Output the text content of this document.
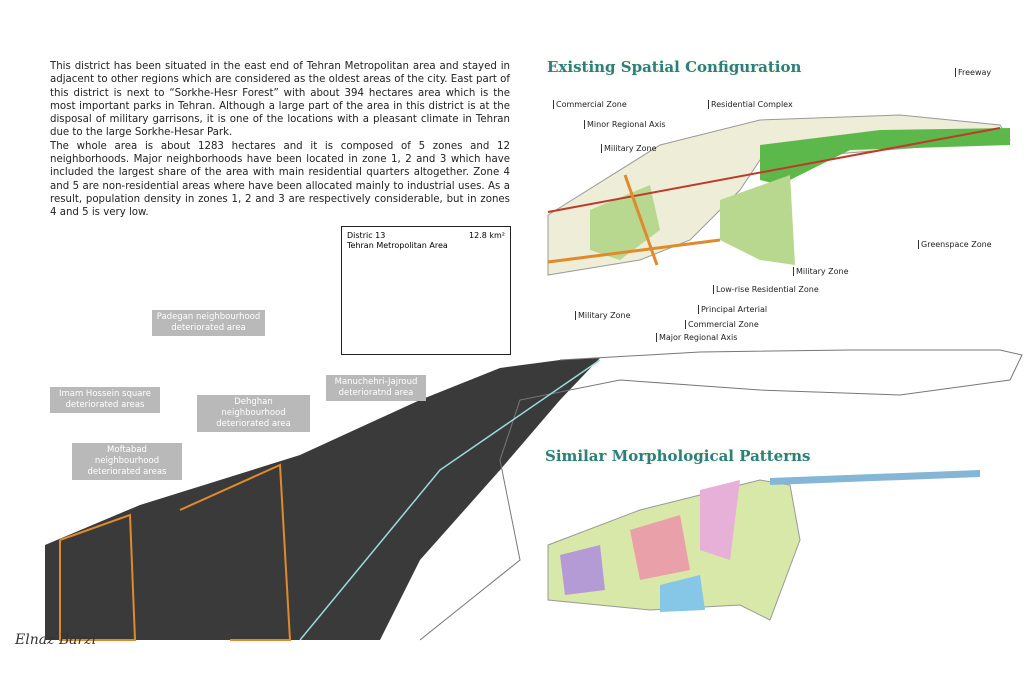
This district has been situated in the east end of Tehran Metropolitan area and stayed in adjacent to other regions which are considered as the oldest areas of the city. East part of this district is next to “Sorkhe-Hesr Forest” with about 394 hectares area which is the most important parks in Tehran. Although a large part of the area in this district is at the disposal of military garrisons, it is one of the locations with a pleasant climate in Tehran due to the large Sorkhe-Hesar Park.

The whole area is about 1283 hectares and it is composed of 5 zones and 12 neighborhoods. Major neighborhoods have been located in zone 1, 2 and 3 which have included the largest share of the area with main residential quarters altogether. Zone 4 and 5 are non-residential areas where have been allocated mainly to industrial uses. As a result, population density in zones 1, 2 and 3 are respectively considerable, but in zones 4 and 5 is very low.

Distric 13
Tehran Metropolitan Area
12.8 km²
Existing Spatial Configuration
Similar Morphological Patterns
Commercial Zone
Minor Regional Axis
Military Zone
Residential Complex
Freeway
Greenspace Zone
Military Zone
Low-rise Residential Zone
Principal Arterial
Commercial Zone
Major Regional Axis
Military Zone
Padegan neighbourhood deteriorated area
Imam Hossein square deteriorated areas	Dehghan neighbourhood deteriorated area
Manuchehri-Jajroud deterioratnd area
Moftabad neighbourhood deteriorated areas
Elnaz Barzi
